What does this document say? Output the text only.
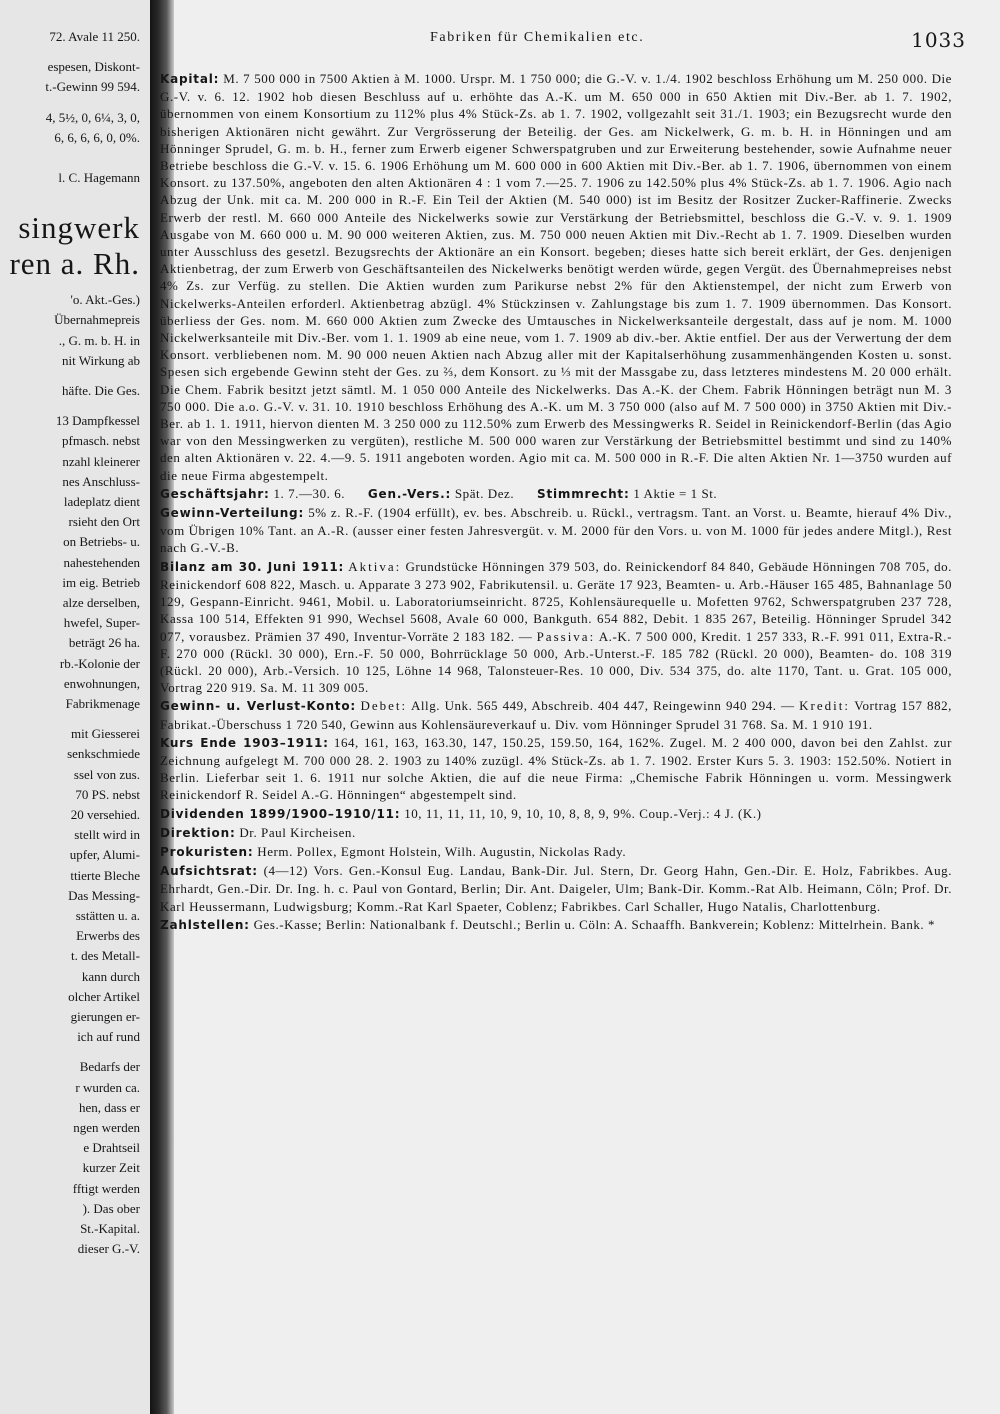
72. Avale 11 250.
espesen, Diskont-
t.-Gewinn 99 594.
4, 5½, 0, 6¼, 3, 0,
6, 6, 6, 6, 0, 0%.
l. C. Hagemann
singwerk
ren a. Rh.
'o. Akt.-Ges.)
Übernahmepreis
., G. m. b. H. in
nit Wirkung ab
häfte. Die Ges.
13 Dampfkessel
pfmasch. nebst
nzahl kleinerer
nes Anschluss-
ladeplatz dient
rsieht den Ort
on Betriebs- u.
nahestehenden
im eig. Betrieb
alze derselben,
hwefel, Super-
beträgt 26 ha.
rb.-Kolonie der
enwohnungen,
Fabrikmenage
mit Giesserei
senkschmiede
ssel von zus.
70 PS. nebst
20 versehied.
stellt wird in
upfer, Alumi-
ttierte Bleche
Das Messing-
sstätten u. a.
Erwerbs des
t. des Metall-
kann durch
olcher Artikel
gierungen er-
ich auf rund
Bedarfs der
r wurden ca.
hen, dass er
ngen werden
e Drahtseil
kurzer Zeit
fftigt werden
). Das ober
St.-Kapital.
dieser G.-V.
Fabriken für Chemikalien etc.	1033

Kapital: M. 7 500 000 in 7500 Aktien à M. 1000. Urspr. M. 1 750 000; die G.-V. v. 1./4. 1902 beschloss Erhöhung um M. 250 000. Die G.-V. v. 6. 12. 1902 hob diesen Beschluss auf u. erhöhte das A.-K. um M. 650 000 in 650 Aktien mit Div.-Ber. ab 1. 7. 1902, übernommen von einem Konsortium zu 112% plus 4% Stück-Zs. ab 1. 7. 1902, vollgezahlt seit 31./1. 1903; ein Bezugsrecht wurde den bisherigen Aktionären nicht gewährt. Zur Vergrösserung der Beteilig. der Ges. am Nickelwerk, G. m. b. H. in Hönningen und am Hönninger Sprudel, G. m. b. H., ferner zum Erwerb eigener Schwerspatgruben und zur Erweiterung bestehender, sowie Aufnahme neuer Betriebe beschloss die G.-V. v. 15. 6. 1906 Erhöhung um M. 600 000 in 600 Aktien mit Div.-Ber. ab 1. 7. 1906, übernommen von einem Konsort. zu 137.50%, angeboten den alten Aktionären 4 : 1 vom 7.—25. 7. 1906 zu 142.50% plus 4% Stück-Zs. ab 1. 7. 1906. Agio nach Abzug der Unk. mit ca. M. 200 000 in R.-F. Ein Teil der Aktien (M. 540 000) ist im Besitz der Rositzer Zucker-Raffinerie. Zwecks Erwerb der restl. M. 660 000 Anteile des Nickelwerks sowie zur Verstärkung der Betriebsmittel, beschloss die G.-V. v. 9. 1. 1909 Ausgabe von M. 660 000 u. M. 90 000 weiteren Aktien, zus. M. 750 000 neuen Aktien mit Div.-Recht ab 1. 7. 1909. Dieselben wurden unter Ausschluss des gesetzl. Bezugsrechts der Aktionäre an ein Konsort. begeben; dieses hatte sich bereit erklärt, der Ges. denjenigen Aktienbetrag, der zum Erwerb von Geschäftsanteilen des Nickelwerks benötigt werden würde, gegen Vergüt. des Übernahmepreises nebst 4% Zs. zur Verfüg. zu stellen. Die Aktien wurden zum Parikurse nebst 2% für den Aktienstempel, der nicht zum Erwerb von Nickelwerks-Anteilen erforderl. Aktienbetrag abzügl. 4% Stückzinsen v. Zahlungstage bis zum 1. 7. 1909 übernommen. Das Konsort. überliess der Ges. nom. M. 660 000 Aktien zum Zwecke des Umtausches in Nickelwerksanteile dergestalt, dass auf je nom. M. 1000 Nickelwerksanteile mit Div.-Ber. vom 1. 1. 1909 ab eine neue, vom 1. 7. 1909 ab div.-ber. Aktie entfiel. Der aus der Verwertung der dem Konsort. verbliebenen nom. M. 90 000 neuen Aktien nach Abzug aller mit der Kapitalserhöhung zusammenhängenden Kosten u. sonst. Spesen sich ergebende Gewinn steht der Ges. zu ⅔, dem Konsort. zu ⅓ mit der Massgabe zu, dass letzteres mindestens M. 20 000 erhält. Die Chem. Fabrik besitzt jetzt sämtl. M. 1 050 000 Anteile des Nickelwerks. Das A.-K. der Chem. Fabrik Hönningen beträgt nun M. 3 750 000. Die a.o. G.-V. v. 31. 10. 1910 beschloss Erhöhung des A.-K. um M. 3 750 000 (also auf M. 7 500 000) in 3750 Aktien mit Div.-Ber. ab 1. 1. 1911, hiervon dienten M. 3 250 000 zu 112.50% zum Erwerb des Messingwerks R. Seidel in Reinickendorf-Berlin (das Agio war von den Messingwerken zu vergüten), restliche M. 500 000 waren zur Verstärkung der Betriebsmittel bestimmt und sind zu 140% den alten Aktionären v. 22. 4.—9. 5. 1911 angeboten worden. Agio mit ca. M. 500 000 in R.-F. Die alten Aktien Nr. 1—3750 wurden auf die neue Firma abgestempelt.

Geschäftsjahr: 1. 7.—30. 6. Gen.-Vers.: Spät. Dez. Stimmrecht: 1 Aktie = 1 St.

Gewinn-Verteilung: 5% z. R.-F. (1904 erfüllt), ev. bes. Abschreib. u. Rückl., vertragsm. Tant. an Vorst. u. Beamte, hierauf 4% Div., vom Übrigen 10% Tant. an A.-R. (ausser einer festen Jahresvergüt. v. M. 2000 für den Vors. u. von M. 1000 für jedes andere Mitgl.), Rest nach G.-V.-B.

Bilanz am 30. Juni 1911: Aktiva: Grundstücke Hönningen 379 503, do. Reinickendorf 84 840, Gebäude Hönningen 708 705, do. Reinickendorf 608 822, Masch. u. Apparate 3 273 902, Fabrikutensil. u. Geräte 17 923, Beamten- u. Arb.-Häuser 165 485, Bahnanlage 50 129, Gespann-Einricht. 9461, Mobil. u. Laboratoriumseinricht. 8725, Kohlensäurequelle u. Mofetten 9762, Schwerspatgruben 237 728, Kassa 100 514, Effekten 91 990, Wechsel 5608, Avale 60 000, Bankguth. 654 882, Debit. 1 835 267, Beteilig. Hönninger Sprudel 342 077, vorausbez. Prämien 37 490, Inventur-Vorräte 2 183 182. — Passiva: A.-K. 7 500 000, Kredit. 1 257 333, R.-F. 991 011, Extra-R.-F. 270 000 (Rückl. 30 000), Ern.-F. 50 000, Bohrrücklage 50 000, Arb.-Unterst.-F. 185 782 (Rückl. 20 000), Beamten- do. 108 319 (Rückl. 20 000), Arb.-Versich. 10 125, Löhne 14 968, Talonsteuer-Res. 10 000, Div. 534 375, do. alte 1170, Tant. u. Grat. 105 000, Vortrag 220 919. Sa. M. 11 309 005.

Gewinn- u. Verlust-Konto: Debet: Allg. Unk. 565 449, Abschreib. 404 447, Reingewinn 940 294. — Kredit: Vortrag 157 882, Fabrikat.-Überschuss 1 720 540, Gewinn aus Kohlensäureverkauf u. Div. vom Hönninger Sprudel 31 768. Sa. M. 1 910 191.

Kurs Ende 1903–1911: 164, 161, 163, 163.30, 147, 150.25, 159.50, 164, 162%. Zugel. M. 2 400 000, davon bei den Zahlst. zur Zeichnung aufgelegt M. 700 000 28. 2. 1903 zu 140% zuzügl. 4% Stück-Zs. ab 1. 7. 1902. Erster Kurs 5. 3. 1903: 152.50%. Notiert in Berlin. Lieferbar seit 1. 6. 1911 nur solche Aktien, die auf die neue Firma: „Chemische Fabrik Hönningen u. vorm. Messingwerk Reinickendorf R. Seidel A.-G. Hönningen“ abgestempelt sind.

Dividenden 1899/1900–1910/11: 10, 11, 11, 11, 10, 9, 10, 10, 8, 8, 9, 9%. Coup.-Verj.: 4 J. (K.)

Direktion: Dr. Paul Kircheisen.

Prokuristen: Herm. Pollex, Egmont Holstein, Wilh. Augustin, Nickolas Rady.

Aufsichtsrat: (4—12) Vors. Gen.-Konsul Eug. Landau, Bank-Dir. Jul. Stern, Dr. Georg Hahn, Gen.-Dir. E. Holz, Fabrikbes. Aug. Ehrhardt, Gen.-Dir. Dr. Ing. h. c. Paul von Gontard, Berlin; Dir. Ant. Daigeler, Ulm; Bank-Dir. Komm.-Rat Alb. Heimann, Cöln; Prof. Dr. Karl Heussermann, Ludwigsburg; Komm.-Rat Karl Spaeter, Coblenz; Fabrikbes. Carl Schaller, Hugo Natalis, Charlottenburg.

Zahlstellen: Ges.-Kasse; Berlin: Nationalbank f. Deutschl.; Berlin u. Cöln: A. Schaaffh. Bankverein; Koblenz: Mittelrhein. Bank. *
